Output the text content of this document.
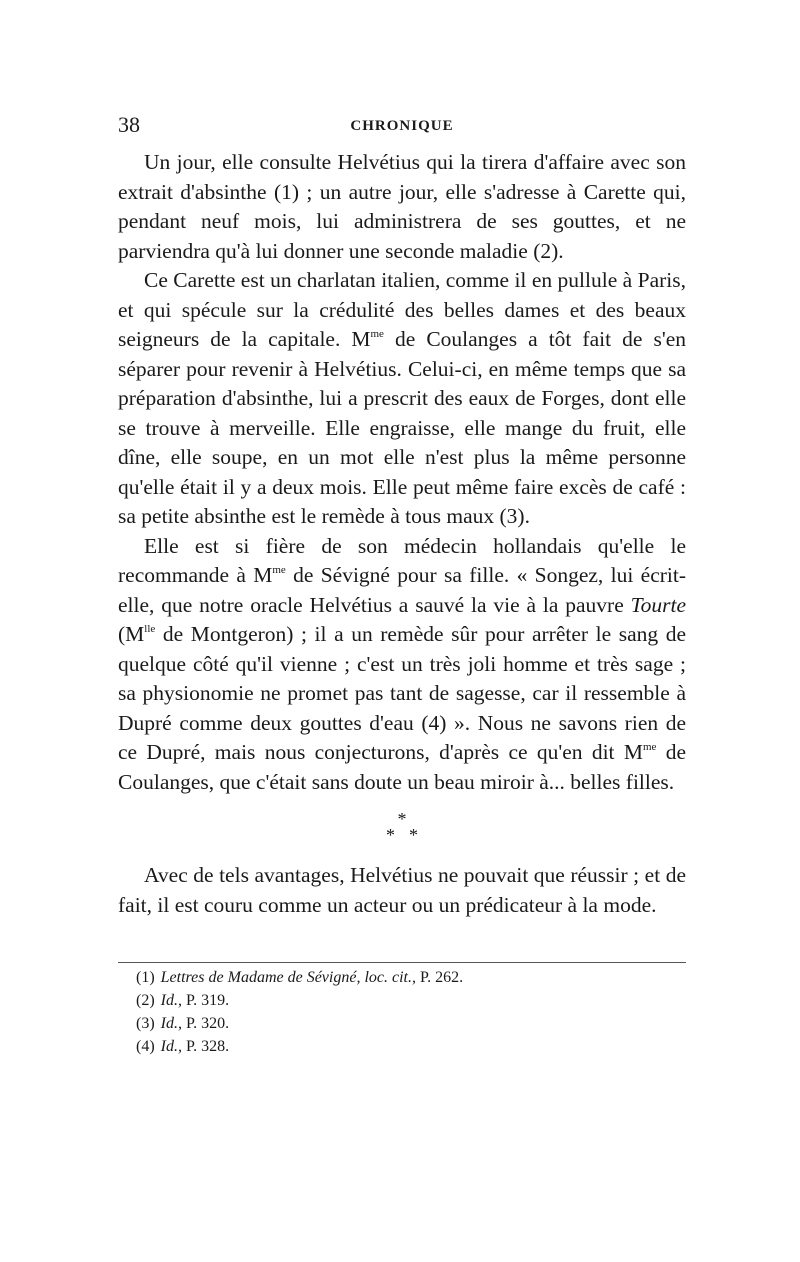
38	CHRONIQUE

Un jour, elle consulte Helvétius qui la tirera d'affaire avec son extrait d'absinthe (1) ; un autre jour, elle s'adresse à Carette qui, pendant neuf mois, lui administrera de ses gouttes, et ne parviendra qu'à lui donner une seconde maladie (2).

Ce Carette est un charlatan italien, comme il en pullule à Paris, et qui spécule sur la crédulité des belles dames et des beaux seigneurs de la capitale. $M^{me}$ de Coulanges a tôt fait de s'en séparer pour revenir à Helvétius. Celui-ci, en même temps que sa préparation d'absinthe, lui a prescrit des eaux de Forges, dont elle se trouve à merveille. Elle engraisse, elle mange du fruit, elle dîne, elle soupe, en un mot elle n'est plus la même personne qu'elle était il y a deux mois. Elle peut même faire excès de café : sa petite absinthe est le remède à tous maux (3).

Elle est si fière de son médecin hollandais qu'elle le recommande à $M^{me}$ de Sévigné pour sa fille. « Songez, lui écrit-elle, que notre oracle Helvétius a sauvé la vie à la pauvre Tourte ($M^{lle}$ de Montgeron) ; il a un remède sûr pour arrêter le sang de quelque côté qu'il vienne ; c'est un très joli homme et très sage ; sa physionomie ne promet pas tant de sagesse, car il ressemble à Dupré comme deux gouttes d'eau (4) ». Nous ne savons rien de ce Dupré, mais nous conjecturons, d'après ce qu'en dit $M^{me}$ de Coulanges, que c'était sans doute un beau miroir à... belles filles.

*
**

Avec de tels avantages, Helvétius ne pouvait que réussir ; et de fait, il est couru comme un acteur ou un prédicateur à la mode.

(1) Lettres de Madame de Sévigné, loc. cit., P. 262.

(2) Id., P. 319.

(3) Id., P. 320.

(4) Id., P. 328.
